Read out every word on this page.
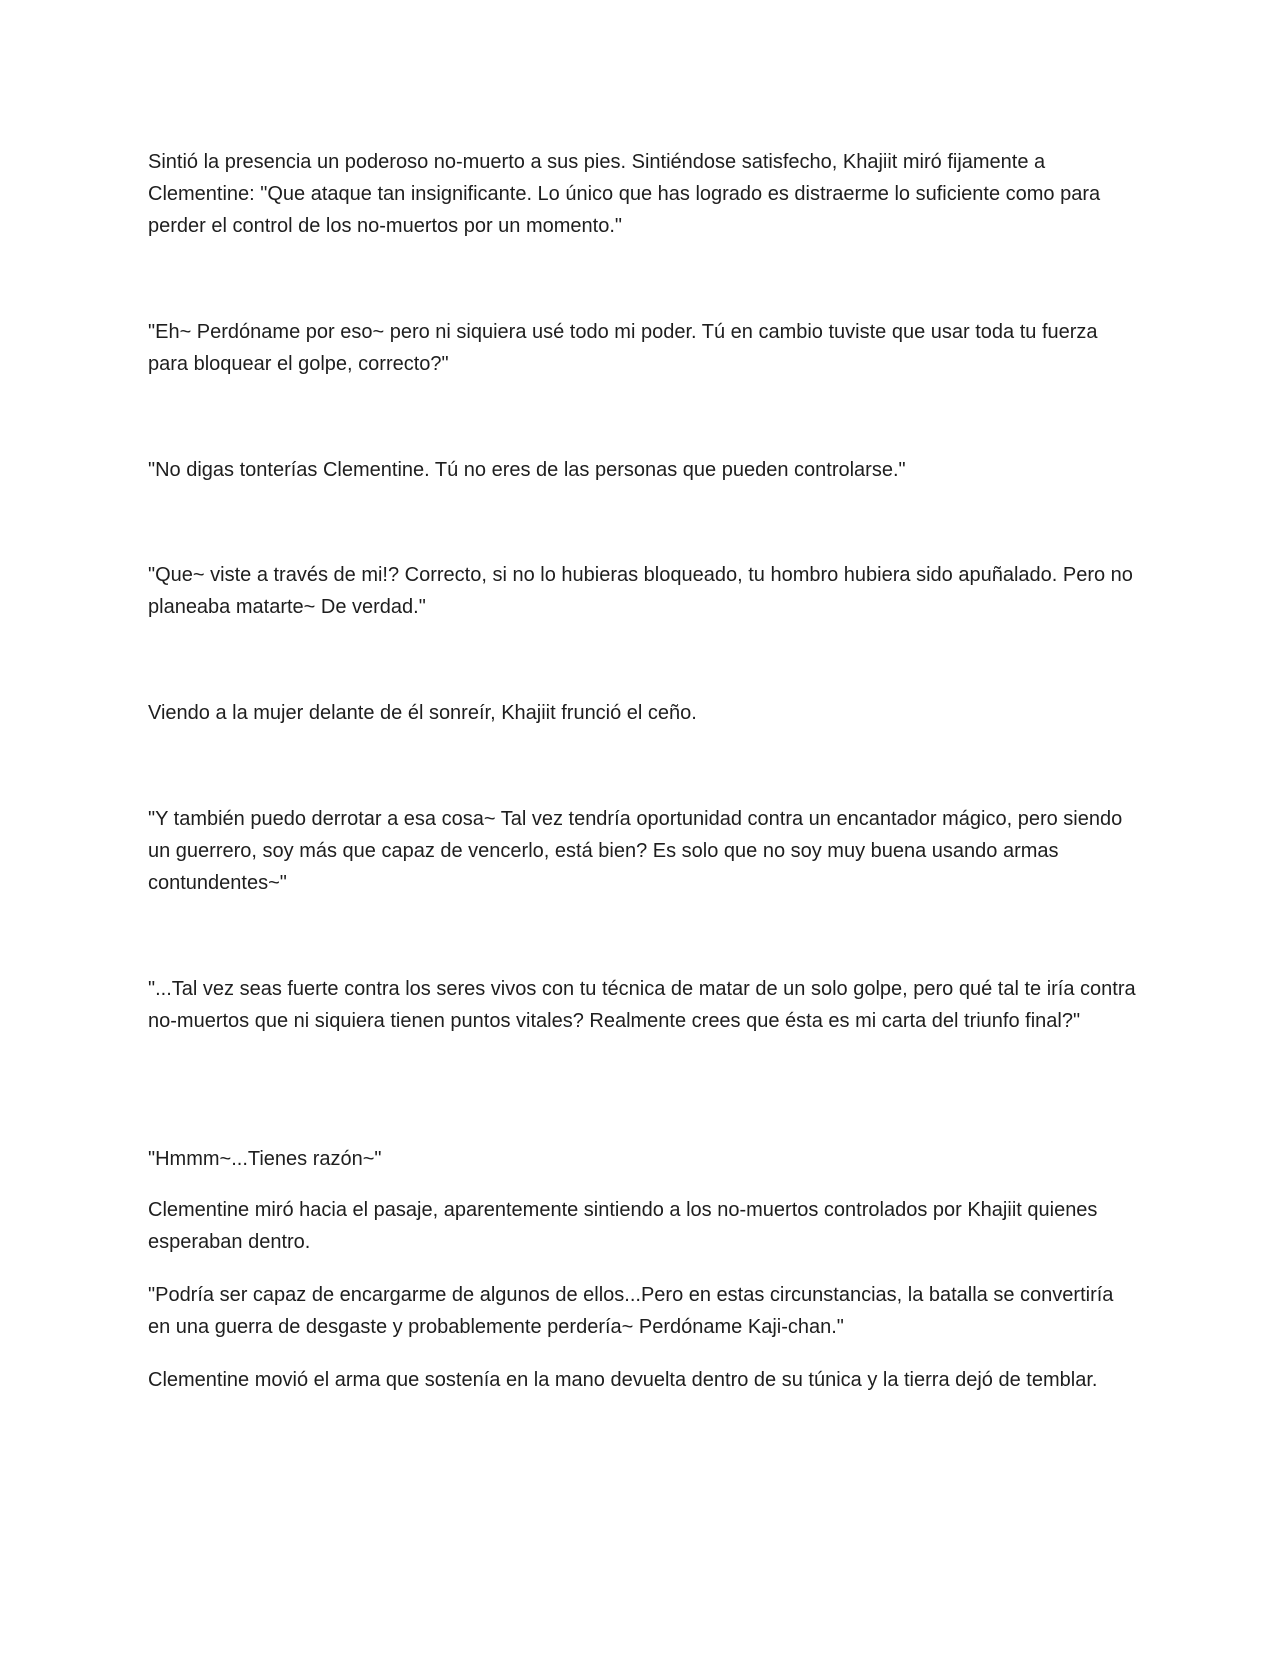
Sintió la presencia un poderoso no-muerto a sus pies. Sintiéndose satisfecho, Khajiit miró fijamente a Clementine: "Que ataque tan insignificante. Lo único que has logrado es distraerme lo suficiente como para perder el control de los no-muertos por un momento."

"Eh~ Perdóname por eso~ pero ni siquiera usé todo mi poder. Tú en cambio tuviste que usar toda tu fuerza para bloquear el golpe, correcto?"

"No digas tonterías Clementine. Tú no eres de las personas que pueden controlarse."

"Que~ viste a través de mi!? Correcto, si no lo hubieras bloqueado, tu hombro hubiera sido apuñalado. Pero no planeaba matarte~ De verdad."

Viendo a la mujer delante de él sonreír, Khajiit frunció el ceño.

"Y también puedo derrotar a esa cosa~ Tal vez tendría oportunidad contra un encantador mágico, pero siendo un guerrero, soy más que capaz de vencerlo, está bien? Es solo que no soy muy buena usando armas contundentes~"

"...Tal vez seas fuerte contra los seres vivos con tu técnica de matar de un solo golpe, pero qué tal te iría contra no-muertos que ni siquiera tienen puntos vitales? Realmente crees que ésta es mi carta del triunfo final?"

"Hmmm~...Tienes razón~"

Clementine miró hacia el pasaje, aparentemente sintiendo a los no-muertos controlados por Khajiit quienes esperaban dentro.

"Podría ser capaz de encargarme de algunos de ellos...Pero en estas circunstancias, la batalla se convertiría en una guerra de desgaste y probablemente perdería~ Perdóname Kaji-chan."

Clementine movió el arma que sostenía en la mano devuelta dentro de su túnica y la tierra dejó de temblar.
